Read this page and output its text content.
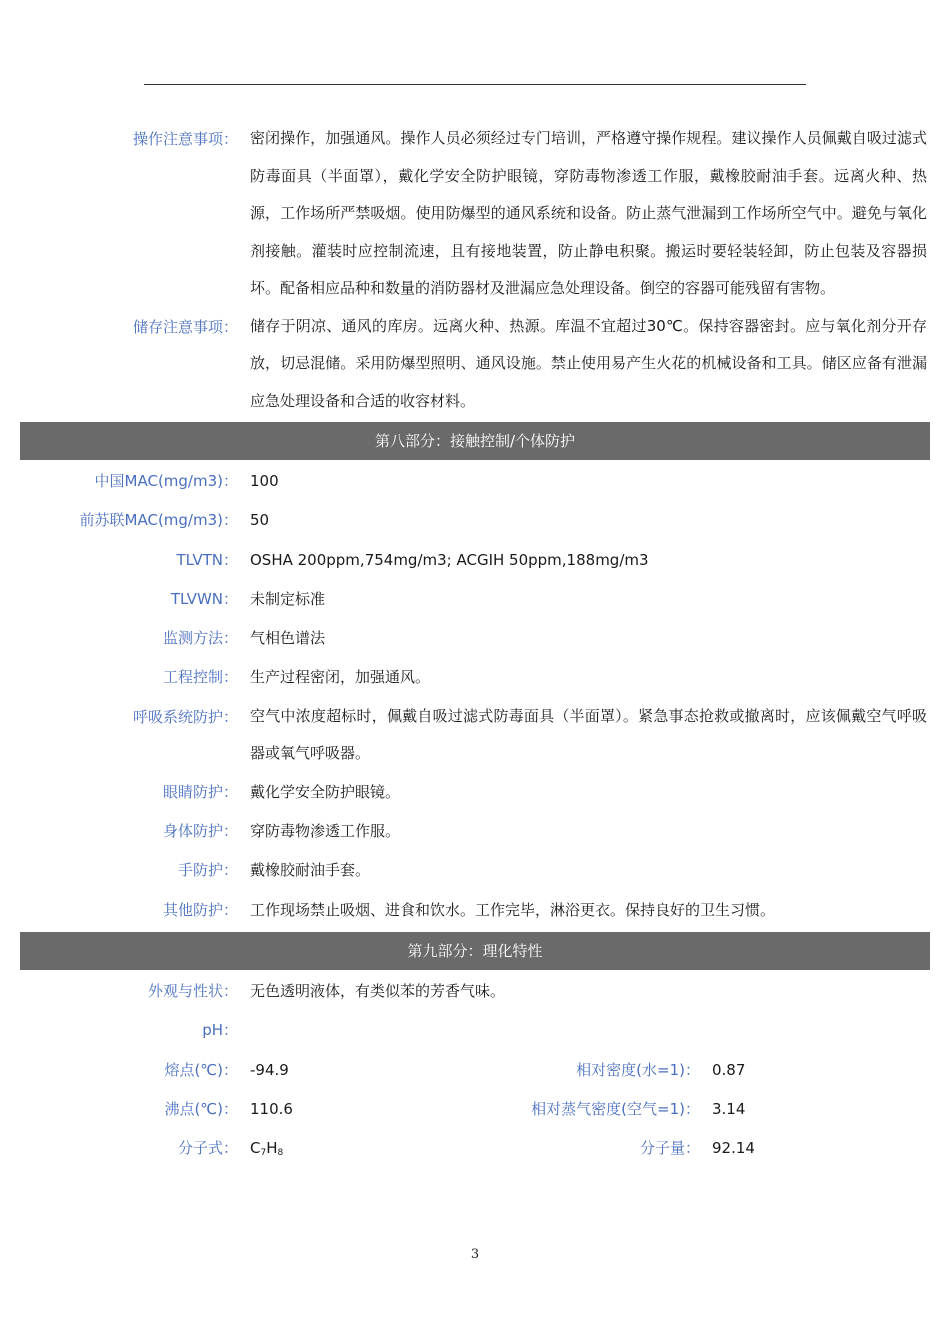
操作注意事项： 密闭操作，加强通风。操作人员必须经过专门培训，严格遵守操作规程。建议操作人员佩戴自吸过滤式防毒面具（半面罩），戴化学安全防护眼镜，穿防毒物渗透工作服，戴橡胶耐油手套。远离火种、热源，工作场所严禁吸烟。使用防爆型的通风系统和设备。防止蒸气泄漏到工作场所空气中。避免与氧化剂接触。灌装时应控制流速，且有接地装置，防止静电积聚。搬运时要轻装轻卸，防止包装及容器损坏。配备相应品种和数量的消防器材及泄漏应急处理设备。倒空的容器可能残留有害物。
储存注意事项： 储存于阴凉、通风的库房。远离火种、热源。库温不宜超过30℃。保持容器密封。应与氧化剂分开存放，切忌混储。采用防爆型照明、通风设施。禁止使用易产生火花的机械设备和工具。储区应备有泄漏应急处理设备和合适的收容材料。
第八部分：接触控制/个体防护
中国MAC(mg/m3)： 100
前苏联MAC(mg/m3)： 50
TLVTN： OSHA 200ppm,754mg/m3; ACGIH 50ppm,188mg/m3
TLVWN： 未制定标准
监测方法： 气相色谱法
工程控制： 生产过程密闭，加强通风。
呼吸系统防护： 空气中浓度超标时，佩戴自吸过滤式防毒面具（半面罩）。紧急事态抢救或撤离时，应该佩戴空气呼吸器或氧气呼吸器。
眼睛防护： 戴化学安全防护眼镜。
身体防护： 穿防毒物渗透工作服。
手防护： 戴橡胶耐油手套。
其他防护： 工作现场禁止吸烟、进食和饮水。工作完毕，淋浴更衣。保持良好的卫生习惯。
第九部分：理化特性
外观与性状： 无色透明液体，有类似苯的芳香气味。
pH：
熔点(℃)： -94.9	相对密度(水=1)： 0.87
沸点(℃)： 110.6	相对蒸气密度(空气=1)： 3.14
分子式： $C_7H_8$	分子量： 92.14
3
